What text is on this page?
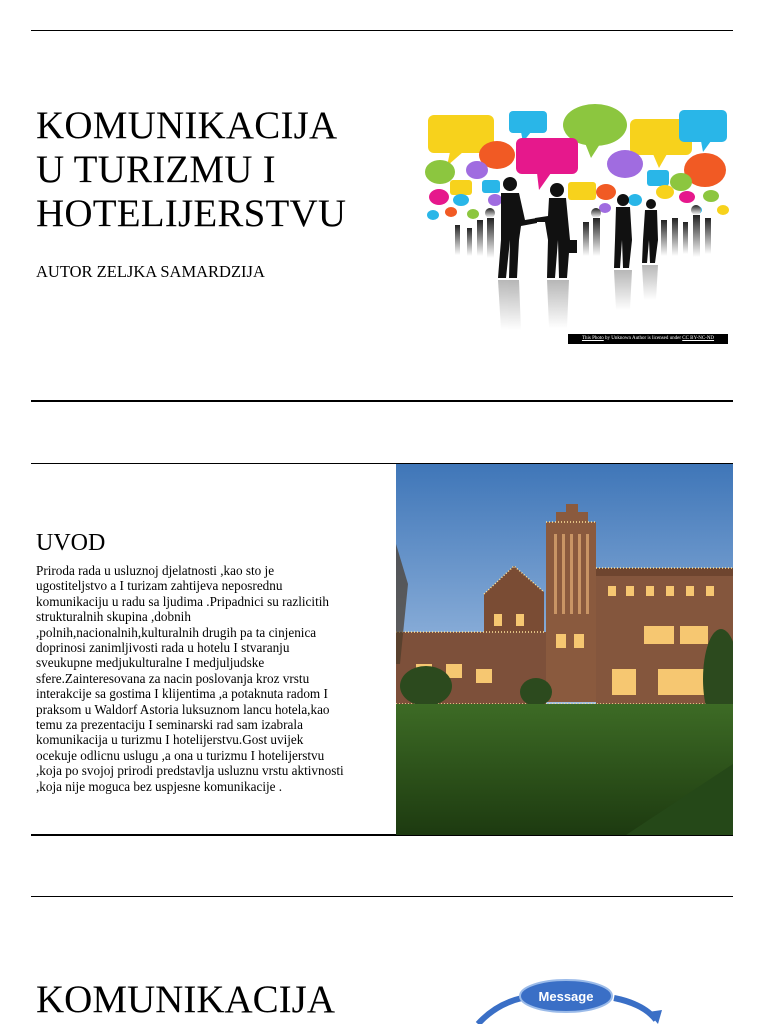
KOMUNIKACIJA
U TURIZMU I
HOTELIJERSTVU

AUTOR ZELJKA SAMARDZIJA

This Photo by Unknown Author is licensed under CC BY-NC-ND
UVOD

Priroda rada u usluznoj djelatnosti ,kao sto je ugostiteljstvo a I turizam zahtijeva neposrednu komunikaciju u radu sa ljudima .Pripadnici su razlicitih strukturalnih skupina ,dobnih ,polnih,nacionalnih,kulturalnih drugih pa ta cinjenica doprinosi zanimljivosti rada u hotelu I stvaranju sveukupne medjukulturalne I medjuljudske sfere.Zainteresovana za nacin poslovanja kroz vrstu interakcije sa gostima I klijentima ,a potaknuta radom I praksom u Waldorf Astoria luksuznom lancu hotela,kao temu za prezentaciju I seminarski rad sam izabrala komunikacija u turizmu I hotelijerstvu.Gost uvijek ocekuje odlicnu uslugu ,a ona u turizmu I hotelijerstvu ,koja po svojoj prirodi predstavlja usluznu vrstu aktivnosti ,koja nije moguca bez uspjesne komunikacije .

KOMUNIKACIJA	Message
